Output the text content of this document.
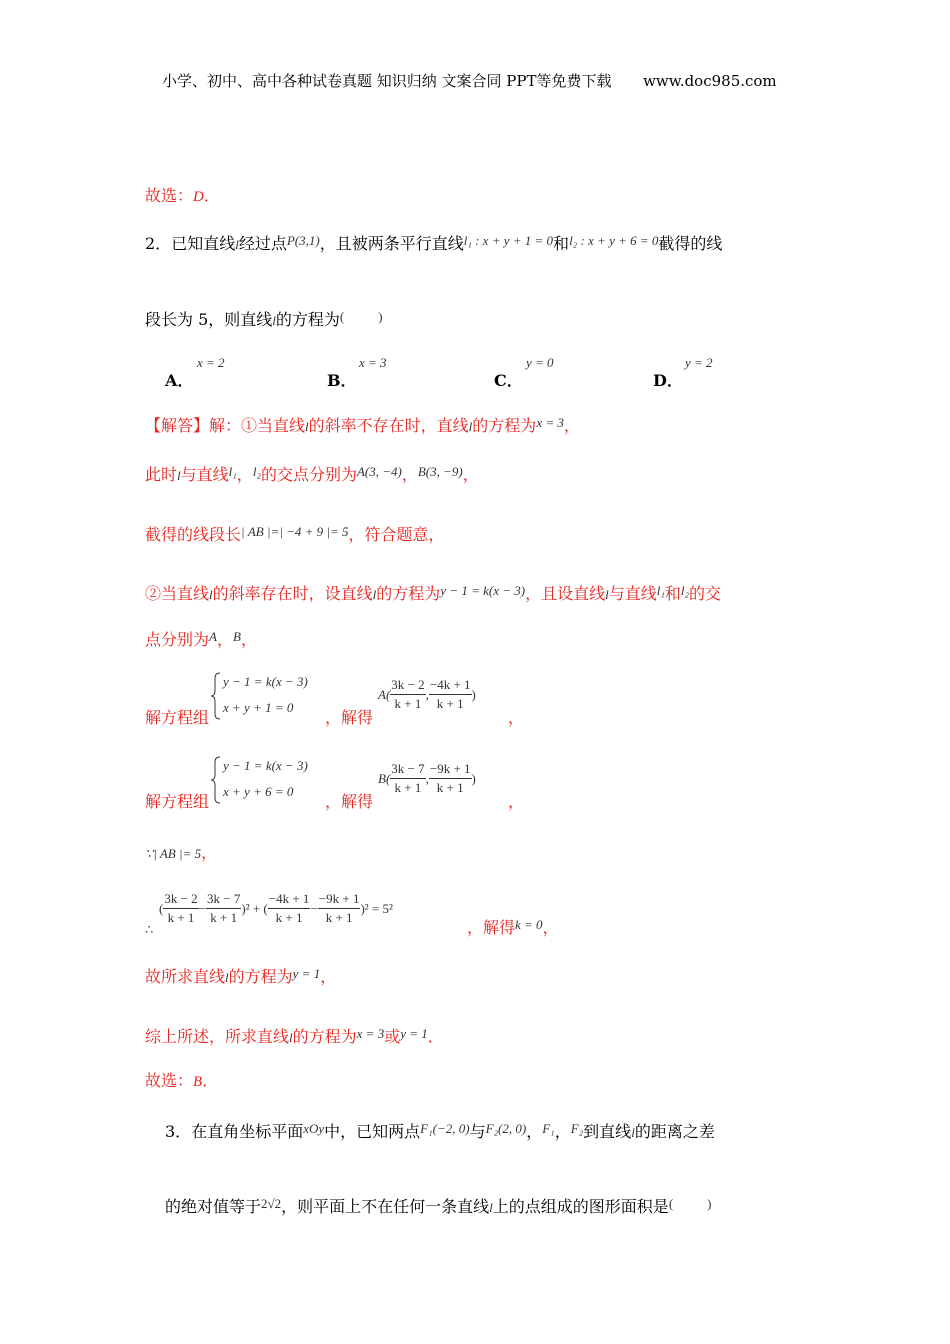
小学、初中、高中各种试卷真题 知识归纳 文案合同 PPT等免费下载 www.doc985.com
故选：D．
2．已知直线l经过点$^{P(3,1)}$，且被两条平行直线$^{l_1 : x + y + 1 = 0}$和$^{l_2 : x + y + 6 = 0}$截得的线
段长为 5，则直线l的方程为(	)
A．
x = 2
B．
x = 3
C．
y = 0
D．
y = 2
【解答】解：①当直线l的斜率不存在时，直线l的方程为$^{x = 3}$，
此时l与直线$^{l_1}$，$^{l_2}$的交点分别为$^{A(3, -4)}$，$^{B(3, -9)}$，
截得的线段长$^{| AB |=| -4 + 9 |= 5}$，符合题意，
②当直线l的斜率存在时，设直线l的方程为$^{y - 1 = k(x - 3)}$，且设直线l与直线$^{l_1}$和$^{l_2}$的交
点分别为$^A$，$^B$，
解方程组
y − 1 = k(x − 3)
x + y + 1 = 0
，解得
$A( \frac{3k - 2}{k + 1}$ , $\frac{-4k + 1}{k + 1}$ )
，
解方程组
y − 1 = k(x − 3)
x + y + 6 = 0
，解得
$B( \frac{3k - 7}{k + 1}$ , $\frac{-9k + 1}{k + 1}$ )
，
∵| AB |= 5，
∴
( $\frac{3k - 2}{k + 1} - \frac{3k - 7}{k + 1} )^2$ + ( $\frac{-4k + 1}{k + 1} - \frac{-9k + 1}{k + 1} )^2 = 5^2$
，解得$^{k = 0}$，
故所求直线l的方程为$^{y = 1}$，
综上所述，所求直线l的方程为$^{x = 3}$或$^{y = 1}$．
故选：B．
3．在直角坐标平面$^{xOy}$中，已知两点$^{F_1(-2, 0)}$与$^{F_2(2, 0)}$，$^{F_1}$，$^{F_2}$到直线l的距离之差
的绝对值等于$^{2√2}$，则平面上不在任何一条直线l上的点组成的图形面积是(	)
